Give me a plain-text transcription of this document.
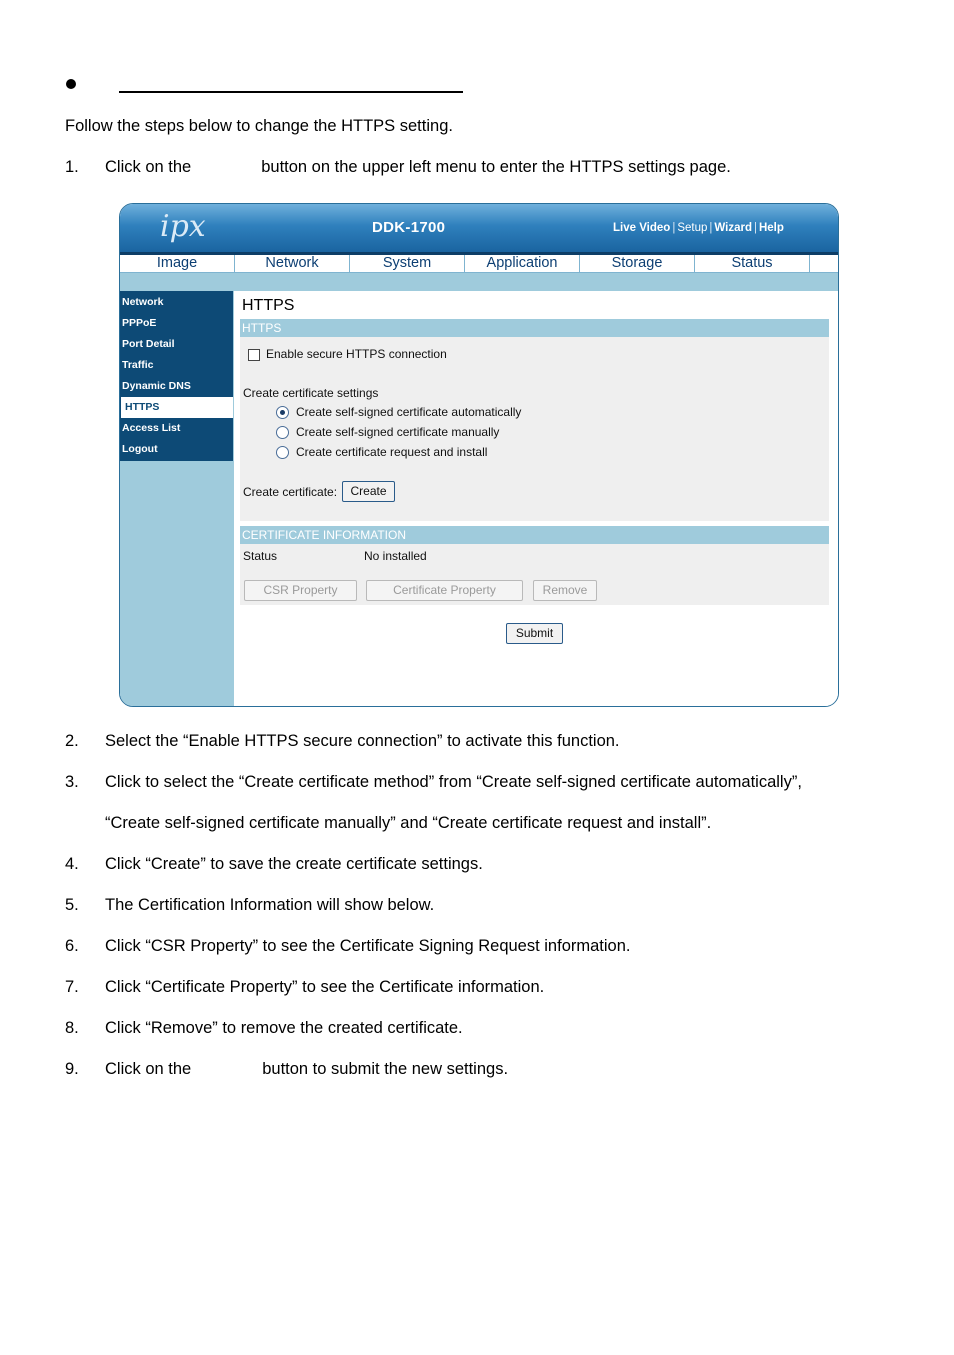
Follow the steps below to change the HTTPS setting.
1. Click on the	button on the upper left menu to enter the HTTPS settings page.
ipx	DDK-1700	Live Video | Setup | Wizard | Help
Image	Network	System	Application	Storage	Status
Network
PPPoE
Port Detail
Traffic
Dynamic DNS
HTTPS
Access List
Logout
HTTPS
HTTPS
Enable secure HTTPS connection
Create certificate settings
Create self-signed certificate automatically
Create self-signed certificate manually
Create certificate request and install
Create certificate:	Create
CERTIFICATE INFORMATION
Status	No installed
CSR Property	Certificate Property	Remove
Submit
2. Select the “Enable HTTPS secure connection” to activate this function.
3. Click to select the “Create certificate method” from “Create self-signed certificate automatically”,
“Create self-signed certificate manually” and “Create certificate request and install”.
4. Click “Create” to save the create certificate settings.
5. The Certification Information will show below.
6. Click “CSR Property” to see the Certificate Signing Request information.
7. Click “Certificate Property” to see the Certificate information.
8. Click “Remove” to remove the created certificate.
9. Click on the	button to submit the new settings.
